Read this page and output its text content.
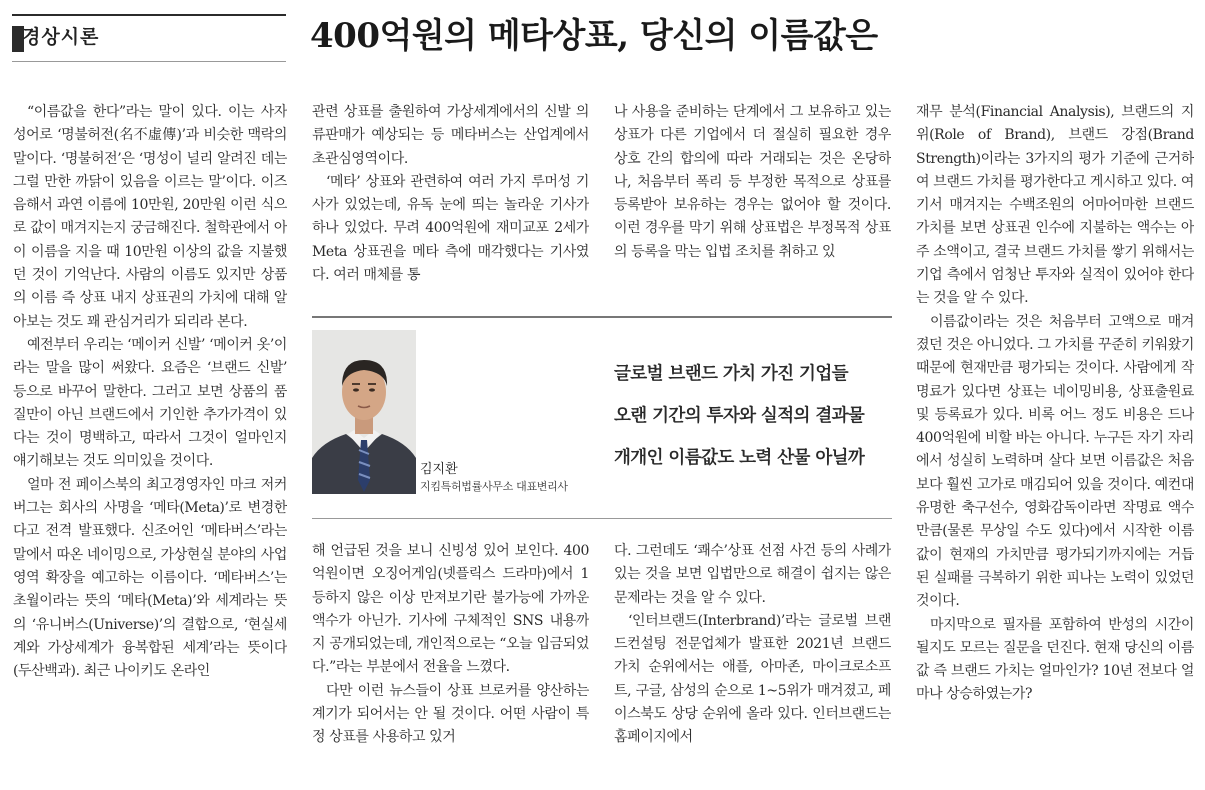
경상시론	400억원의 메타상표, 당신의 이름값은

“이름값을 한다”라는 말이 있다. 이는 사자성어로 ‘명불허전(名不虛傳)’과 비슷한 맥락의 말이다. ‘명불허전’은 ‘명성이 널리 알려진 데는 그럴 만한 까닭이 있음을 이르는 말’이다. 이즈음해서 과연 이름에 10만원, 20만원 이런 식으로 값이 매겨지는지 궁금해진다. 철학관에서 아이 이름을 지을 때 10만원 이상의 값을 지불했던 것이 기억난다. 사람의 이름도 있지만 상품의 이름 즉 상표 내지 상표권의 가치에 대해 알아보는 것도 꽤 관심거리가 되리라 본다.

예전부터 우리는 ‘메이커 신발’ ‘메이커 옷’이라는 말을 많이 써왔다. 요즘은 ‘브랜드 신발’ 등으로 바꾸어 말한다. 그러고 보면 상품의 품질만이 아닌 브랜드에서 기인한 추가가격이 있다는 것이 명백하고, 따라서 그것이 얼마인지 얘기해보는 것도 의미있을 것이다.

얼마 전 페이스북의 최고경영자인 마크 저커버그는 회사의 사명을 ‘메타(Meta)’로 변경한다고 전격 발표했다. 신조어인 ‘메타버스’라는 말에서 따온 네이밍으로, 가상현실 분야의 사업영역 확장을 예고하는 이름이다. ‘메타버스’는 초월이라는 뜻의 ‘메타(Meta)’와 세계라는 뜻의 ‘유니버스(Universe)’의 결합으로, ‘현실세계와 가상세계가 융복합된 세계’라는 뜻이다(두산백과). 최근 나이키도 온라인

관련 상표를 출원하여 가상세계에서의 신발 의류판매가 예상되는 등 메타버스는 산업계에서 초관심영역이다.

‘메타’ 상표와 관련하여 여러 가지 루머성 기사가 있었는데, 유독 눈에 띄는 놀라운 기사가 하나 있었다. 무려 400억원에 재미교포 2세가 Meta 상표권을 메타 측에 매각했다는 기사였다. 여러 매체를 통

나 사용을 준비하는 단계에서 그 보유하고 있는 상표가 다른 기업에서 더 절실히 필요한 경우 상호 간의 합의에 따라 거래되는 것은 온당하나, 처음부터 폭리 등 부정한 목적으로 상표를 등록받아 보유하는 경우는 없어야 할 것이다. 이런 경우를 막기 위해 상표법은 부정목적 상표의 등록을 막는 입법 조치를 취하고 있

김지환
지킴특허법률사무소 대표변리사
글로벌 브랜드 가치 가진 기업들
오랜 기간의 투자와 실적의 결과물
개개인 이름값도 노력 산물 아닐까

해 언급된 것을 보니 신빙성 있어 보인다. 400억원이면 오징어게임(넷플릭스 드라마)에서 1등하지 않은 이상 만져보기란 불가능에 가까운 액수가 아닌가. 기사에 구체적인 SNS 내용까지 공개되었는데, 개인적으로는 “오늘 입금되었다.”라는 부분에서 전율을 느꼈다.

다만 이런 뉴스들이 상표 브로커를 양산하는 계기가 되어서는 안 될 것이다. 어떤 사람이 특정 상표를 사용하고 있거

다. 그런데도 ‘쾌수’상표 선점 사건 등의 사례가 있는 것을 보면 입법만으로 해결이 쉽지는 않은 문제라는 것을 알 수 있다.

‘인터브랜드(Interbrand)’라는 글로벌 브랜드컨설팅 전문업체가 발표한 2021년 브랜드 가치 순위에서는 애플, 아마존, 마이크로소프트, 구글, 삼성의 순으로 1~5위가 매겨졌고, 페이스북도 상당 순위에 올라 있다. 인터브랜드는 홈페이지에서

재무 분석(Financial Analysis), 브랜드의 지위(Role of Brand), 브랜드 강점(Brand Strength)이라는 3가지의 평가 기준에 근거하여 브랜드 가치를 평가한다고 게시하고 있다. 여기서 매겨지는 수백조원의 어마어마한 브랜드 가치를 보면 상표권 인수에 지불하는 액수는 아주 소액이고, 결국 브랜드 가치를 쌓기 위해서는 기업 측에서 엄청난 투자와 실적이 있어야 한다는 것을 알 수 있다.

이름값이라는 것은 처음부터 고액으로 매겨졌던 것은 아니었다. 그 가치를 꾸준히 키워왔기 때문에 현재만큼 평가되는 것이다. 사람에게 작명료가 있다면 상표는 네이밍비용, 상표출원료 및 등록료가 있다. 비록 어느 정도 비용은 드나 400억원에 비할 바는 아니다. 누구든 자기 자리에서 성실히 노력하며 살다 보면 이름값은 처음보다 훨씬 고가로 매김되어 있을 것이다. 예컨대 유명한 축구선수, 영화감독이라면 작명료 액수만큼(물론 무상일 수도 있다)에서 시작한 이름값이 현재의 가치만큼 평가되기까지에는 거듭된 실패를 극복하기 위한 피나는 노력이 있었던 것이다.

마지막으로 필자를 포함하여 반성의 시간이 될지도 모르는 질문을 던진다. 현재 당신의 이름값 즉 브랜드 가치는 얼마인가? 10년 전보다 얼마나 상승하였는가?
